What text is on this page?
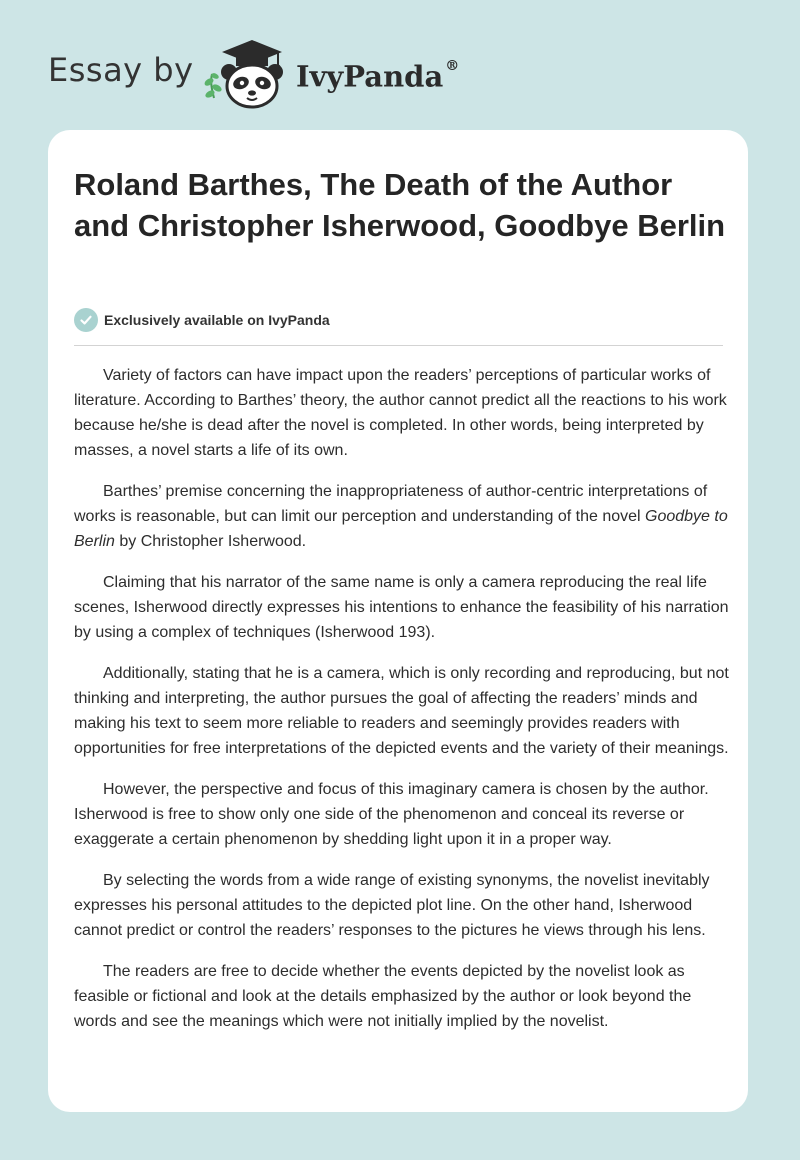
Essay by	IvyPanda ®
Roland Barthes, The Death of the Author and Christopher Isherwood, Goodbye Berlin
Exclusively available on IvyPanda

Variety of factors can have impact upon the readers’ perceptions of particular works of literature. According to Barthes’ theory, the author cannot predict all the reactions to his work because he/she is dead after the novel is completed. In other words, being interpreted by masses, a novel starts a life of its own.

Barthes’ premise concerning the inappropriateness of author-centric interpretations of works is reasonable, but can limit our perception and understanding of the novel Goodbye to Berlin by Christopher Isherwood.

Claiming that his narrator of the same name is only a camera reproducing the real life scenes, Isherwood directly expresses his intentions to enhance the feasibility of his narration by using a complex of techniques (Isherwood 193).

Additionally, stating that he is a camera, which is only recording and reproducing, but not thinking and interpreting, the author pursues the goal of affecting the readers’ minds and making his text to seem more reliable to readers and seemingly provides readers with opportunities for free interpretations of the depicted events and the variety of their meanings.

However, the perspective and focus of this imaginary camera is chosen by the author. Isherwood is free to show only one side of the phenomenon and conceal its reverse or exaggerate a certain phenomenon by shedding light upon it in a proper way.

By selecting the words from a wide range of existing synonyms, the novelist inevitably expresses his personal attitudes to the depicted plot line. On the other hand, Isherwood cannot predict or control the readers’ responses to the pictures he views through his lens.

The readers are free to decide whether the events depicted by the novelist look as feasible or fictional and look at the details emphasized by the author or look beyond the words and see the meanings which were not initially implied by the novelist.
